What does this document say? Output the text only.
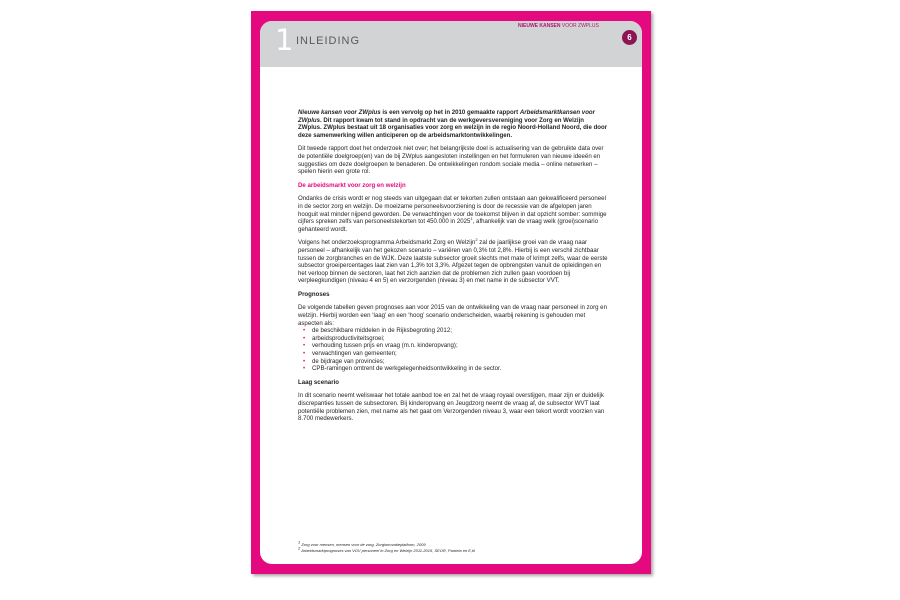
1 INLEIDING
NIEUWE KANSEN VOOR ZWPLUS
6

Nieuwe kansen voor ZWplus is een vervolg op het in 2010 gemaakte rapport Arbeidsmarktkansen voor ZWplus. Dit rapport kwam tot stand in opdracht van de werkgeversvereniging voor Zorg en Welzijn ZWplus. ZWplus bestaat uit 18 organisaties voor zorg en welzijn in de regio Noord-Holland Noord, die door deze samenwerking willen anticiperen op de arbeidsmarktontwikkelingen.

Dit tweede rapport doet het onderzoek niet over; het belangrijkste doel is actualisering van de gebruikte data over de potentiële doelgroep(en) van de bij ZWplus aangesloten instellingen en het formuleren van nieuwe ideeën en suggesties om deze doelgroepen te benaderen. De ontwikkelingen rondom sociale media – online netwerken – spelen hierin een grote rol.

De arbeidsmarkt voor zorg en welzijn

Ondanks de crisis wordt er nog steeds van uitgegaan dat er tekorten zullen ontstaan aan gekwalificeerd personeel in de sector zorg en welzijn. De moeizame personeelsvoorziening is door de recessie van de afgelopen jaren hooguit wat minder nijpend geworden. De verwachtingen voor de toekomst blijven in dat opzicht somber: sommige cijfers spreken zelfs van personeelstekorten tot 450.000 in 2025$^1$, afhankelijk van de vraag welk (groei)scenario gehanteerd wordt.

Volgens het onderzoeksprogramma Arbeidsmarkt Zorg en Welzijn$^2$ zal de jaarlijkse groei van de vraag naar personeel – afhankelijk van het gekozen scenario – variëren van 0,3% tot 2,8%. Hierbij is een verschil zichtbaar tussen de zorgbranches en de WJK. Deze laatste subsector groeit slechts met mate of krimpt zelfs, waar de eerste subsector groeipercentages laat zien van 1,3% tot 3,3%. Afgezet tegen de opbrengsten vanuit de opleidingen en het verloop binnen de sectoren, laat het zich aanzien dat de problemen zich zullen gaan voordoen bij verpleegkundigen (niveau 4 en 5) en verzorgenden (niveau 3) en met name in de subsector VVT.

Prognoses

De volgende tabellen geven prognoses aan voor 2015 van de ontwikkeling van de vraag naar personeel in zorg en welzijn. Hierbij worden een ‘laag’ en een ‘hoog’ scenario onderscheiden, waarbij rekening is gehouden met aspecten als:

• de beschikbare middelen in de Rijksbegroting 2012;
• arbeidsproductiviteitsgroei;
• verhouding tussen prijs en vraag (m.n. kinderopvang);
• verwachtingen van gemeenten;
• de bijdrage van provincies;
• CPB-ramingen omtrent de werkgelegenheidsontwikkeling in de sector.

Laag scenario

In dit scenario neemt weliswaar het totale aanbod toe en zal het de vraag royaal overstijgen, maar zijn er duidelijk discrepanties tussen de subsectoren. Bij kinderopvang en Jeugdzorg neemt de vraag af, de subsector WVT laat potentiële problemen zien, met name als het gaat om Verzorgenden niveau 3, waar een tekort wordt voorzien van 8.700 medewerkers.

$^1$ Zorg voor mensen, mensen voor de zorg, Zorginnovatieplatform, 2009
$^2$ Arbeidsmarktprognoses van VOV personeel in Zorg en Welzijn 2011-2015, SEOR, Panteia en E,til
